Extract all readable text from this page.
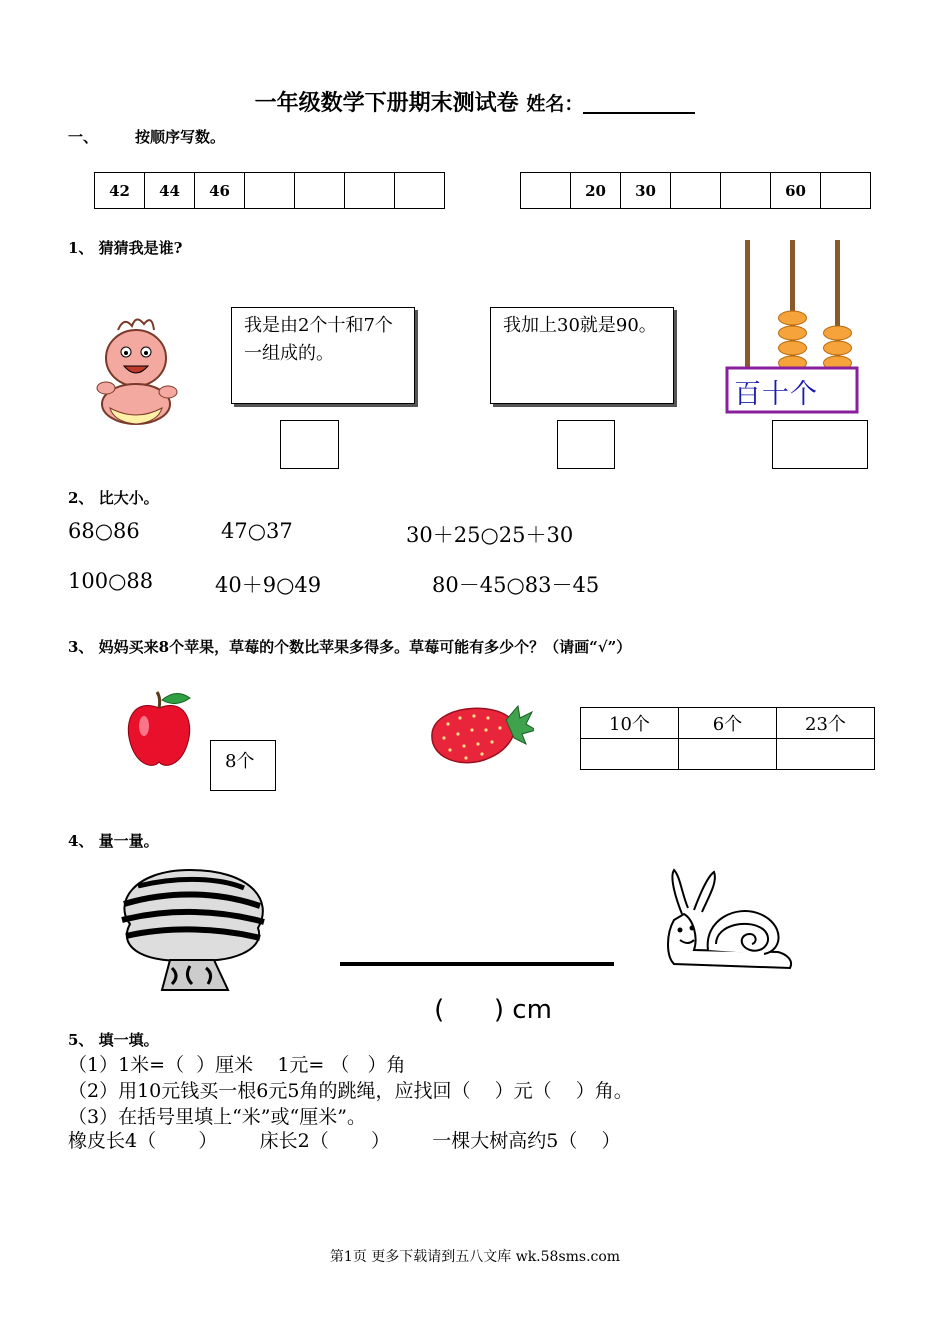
一年级数学下册期末测试卷 姓名：
一、 按顺序写数。
42	44	46				
		20	30			60	
1、 猜猜我是谁?
我是由2个十和7个一组成的。
我加上30就是90。
百十个
2、 比大小。
68○86	47○37	30＋25○25＋30
100○88	40＋9○49	80－45○83－45
3、 妈妈买来8个苹果，草莓的个数比苹果多得多。草莓可能有多少个？（请画“√”）
8个
10个	6个	23个

4、 量一量。

(      ) cm

5、 填一填。
（1）1米=（  ）厘米    1元= （   ）角
（2）用10元钱买一根6元5角的跳绳，应找回（    ）元（    ）角。
（3）在括号里填上“米”或“厘米”。
橡皮长4（       ）       床长2（       ）       一棵大树高约5（    ）
第1页 更多下载请到五八文库 wk.58sms.com
